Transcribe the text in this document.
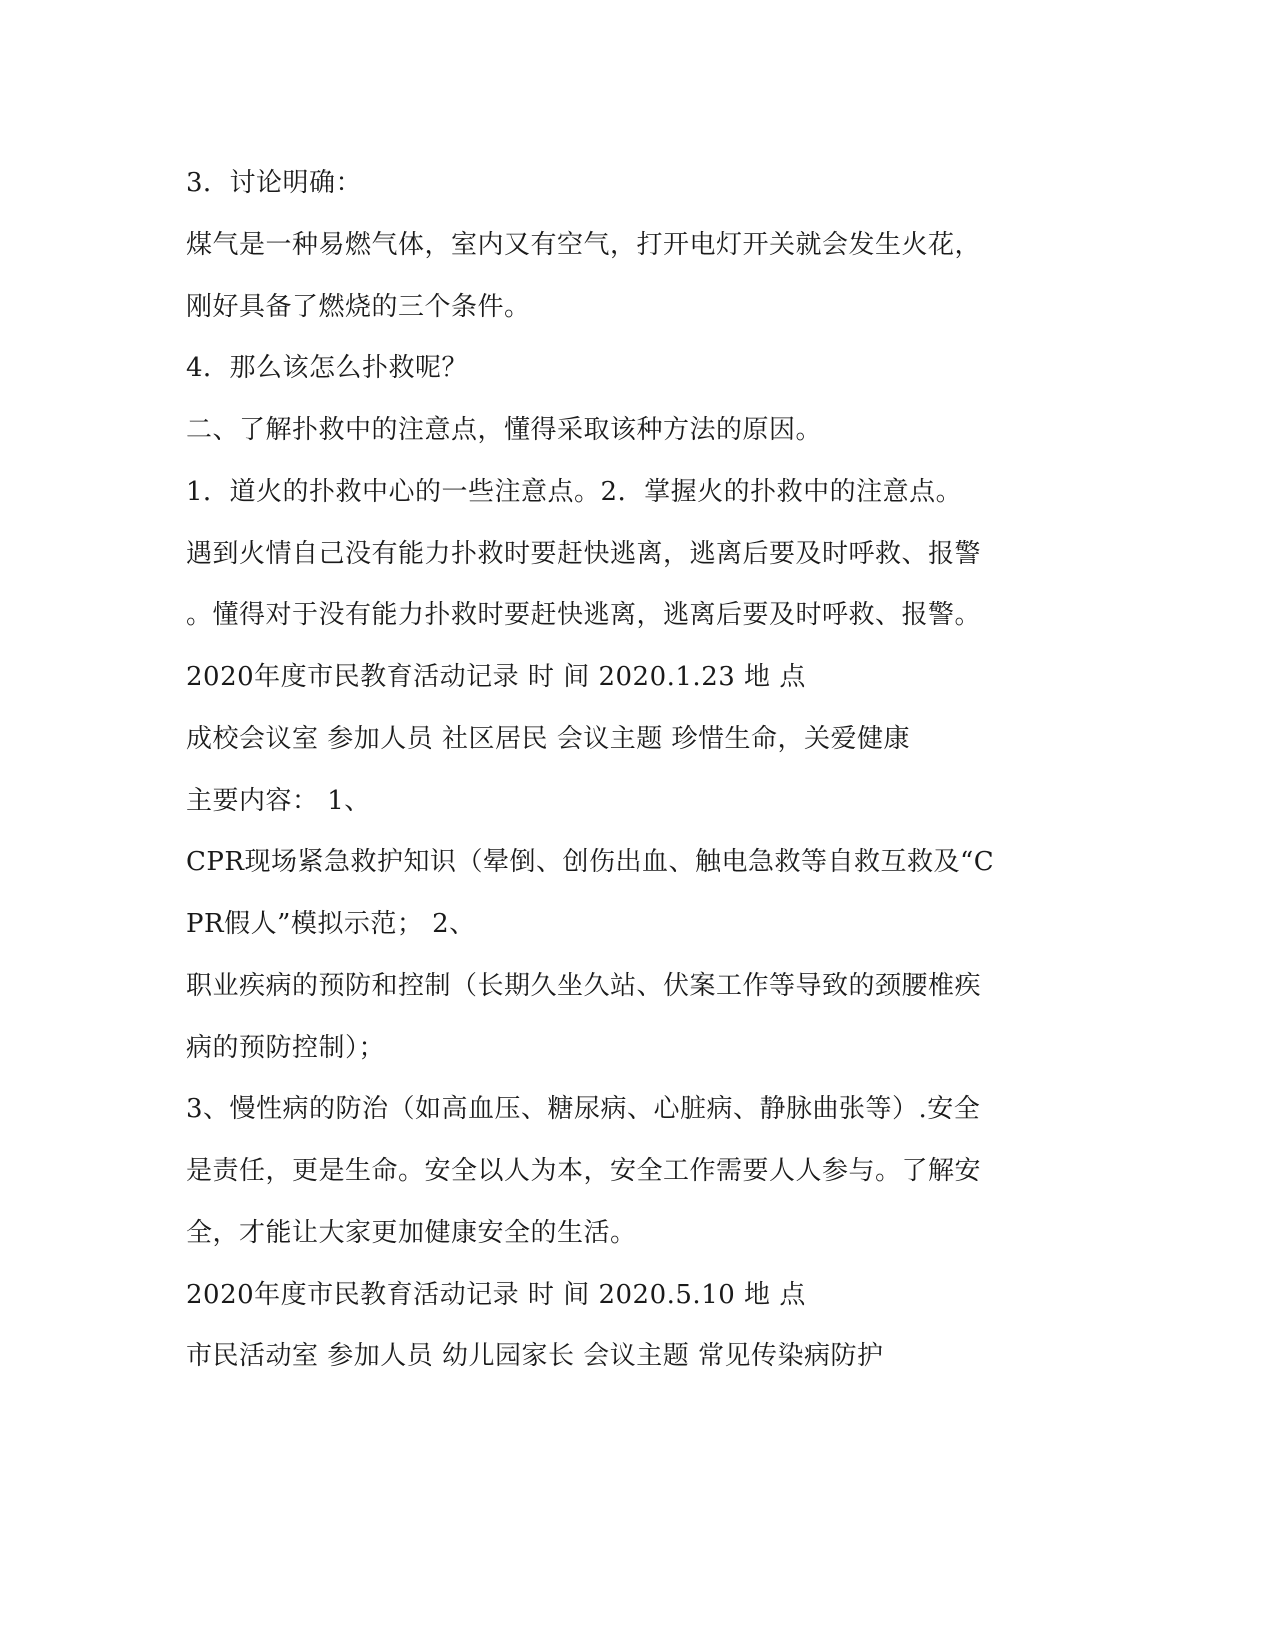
3．讨论明确：
煤气是一种易燃气体，室内又有空气，打开电灯开关就会发生火花，
刚好具备了燃烧的三个条件。
4．那么该怎么扑救呢？
二、了解扑救中的注意点，懂得采取该种方法的原因。
1．道火的扑救中心的一些注意点。2．掌握火的扑救中的注意点。
遇到火情自己没有能力扑救时要赶快逃离，逃离后要及时呼救、报警
。懂得对于没有能力扑救时要赶快逃离，逃离后要及时呼救、报警。
2020年度市民教育活动记录 时 间 2020.1.23 地 点
成校会议室 参加人员 社区居民 会议主题 珍惜生命，关爱健康
主要内容： 1、
CPR现场紧急救护知识（晕倒、创伤出血、触电急救等自救互救及“C
PR假人”模拟示范； 2、
职业疾病的预防和控制（长期久坐久站、伏案工作等导致的颈腰椎疾
病的预防控制）；
3、慢性病的防治（如高血压、糖尿病、心脏病、静脉曲张等）.安全
是责任，更是生命。安全以人为本，安全工作需要人人参与。了解安
全，才能让大家更加健康安全的生活。
2020年度市民教育活动记录 时 间 2020.5.10 地 点
市民活动室 参加人员 幼儿园家长 会议主题 常见传染病防护
